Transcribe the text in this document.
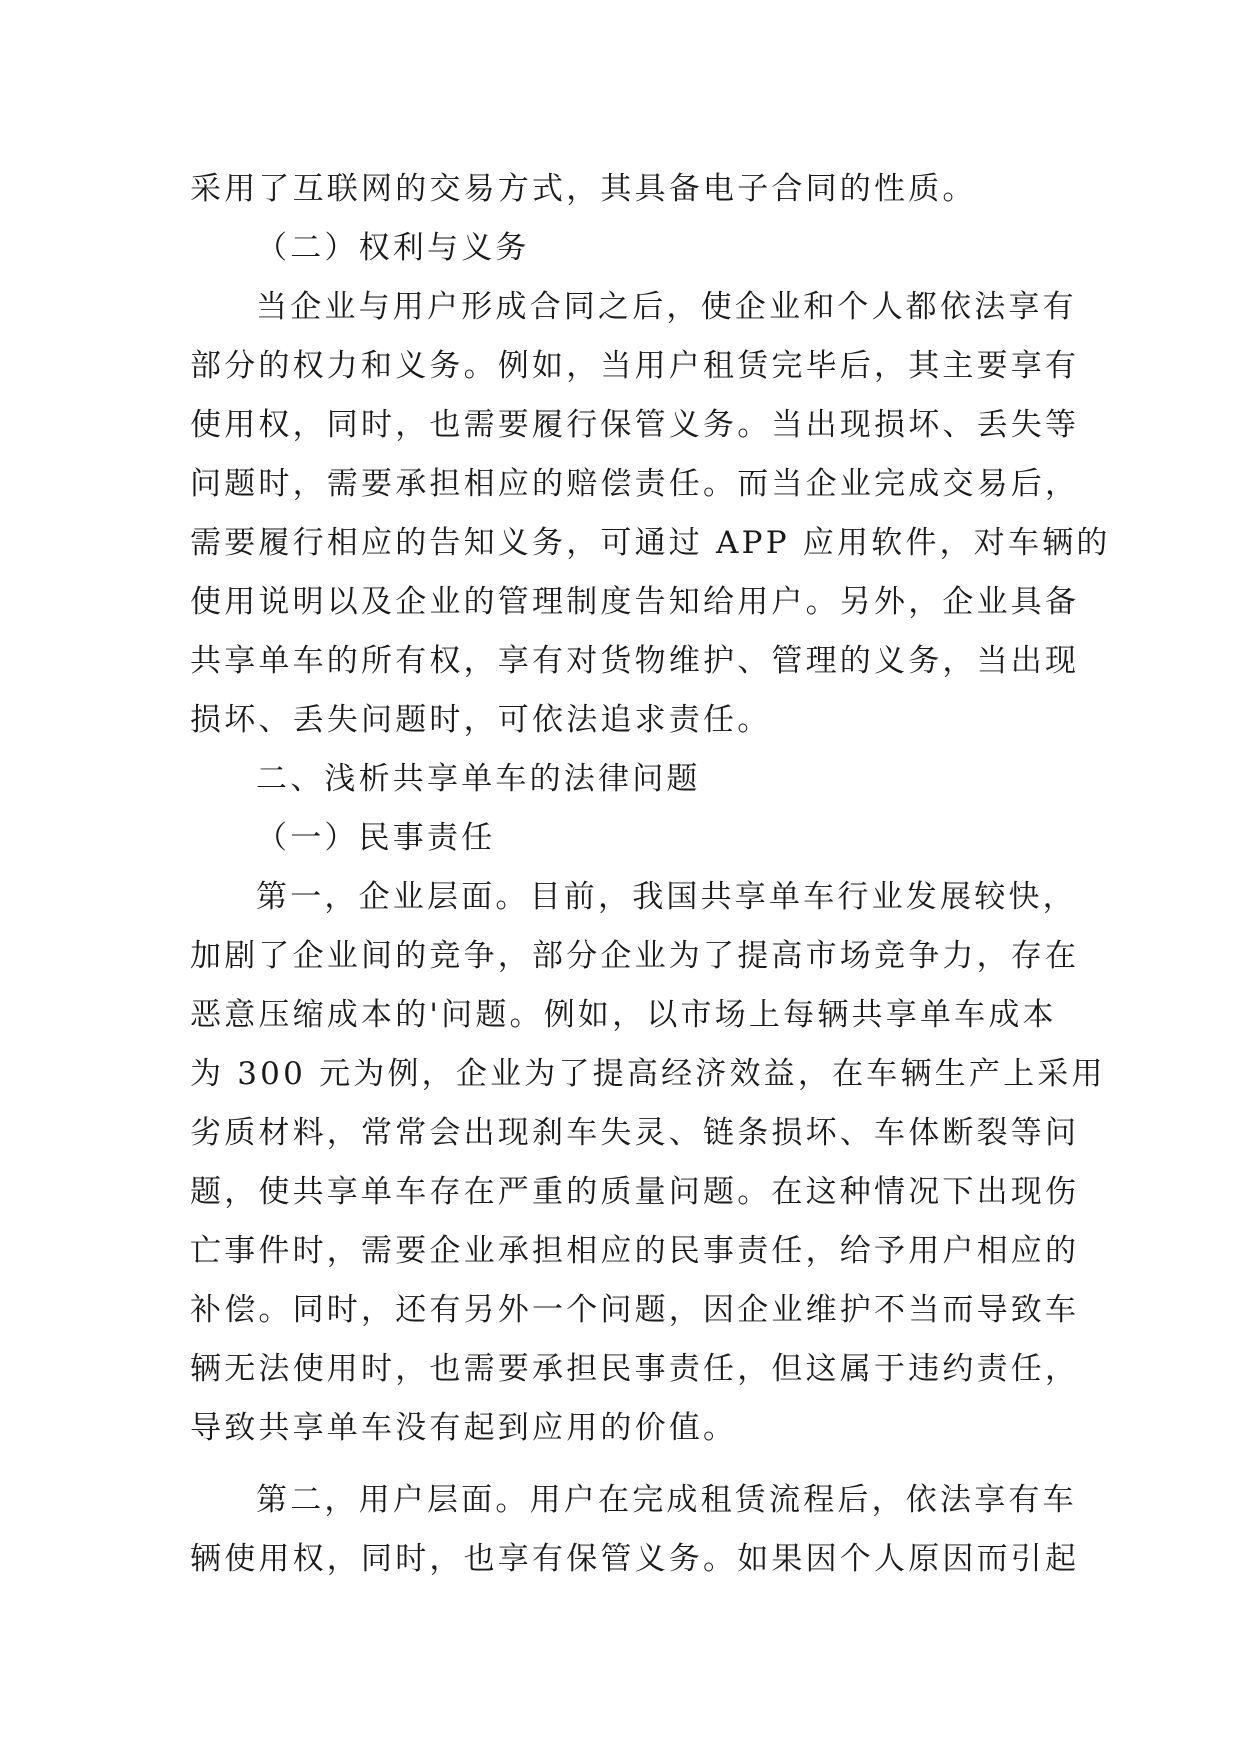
采用了互联网的交易方式，其具备电子合同的性质。
（二）权利与义务
当企业与用户形成合同之后，使企业和个人都依法享有
部分的权力和义务。例如，当用户租赁完毕后，其主要享有
使用权，同时，也需要履行保管义务。当出现损坏、丢失等
问题时，需要承担相应的赔偿责任。而当企业完成交易后，
需要履行相应的告知义务，可通过 APP 应用软件，对车辆的
使用说明以及企业的管理制度告知给用户。另外，企业具备
共享单车的所有权，享有对货物维护、管理的义务，当出现
损坏、丢失问题时，可依法追求责任。
二、浅析共享单车的法律问题
（一）民事责任
第一，企业层面。目前，我国共享单车行业发展较快，
加剧了企业间的竞争，部分企业为了提高市场竞争力，存在
恶意压缩成本的'问题。例如，以市场上每辆共享单车成本
为 300 元为例，企业为了提高经济效益，在车辆生产上采用
劣质材料，常常会出现刹车失灵、链条损坏、车体断裂等问
题，使共享单车存在严重的质量问题。在这种情况下出现伤
亡事件时，需要企业承担相应的民事责任，给予用户相应的
补偿。同时，还有另外一个问题，因企业维护不当而导致车
辆无法使用时，也需要承担民事责任，但这属于违约责任，
导致共享单车没有起到应用的价值。
第二，用户层面。用户在完成租赁流程后，依法享有车
辆使用权，同时，也享有保管义务。如果因个人原因而引起
